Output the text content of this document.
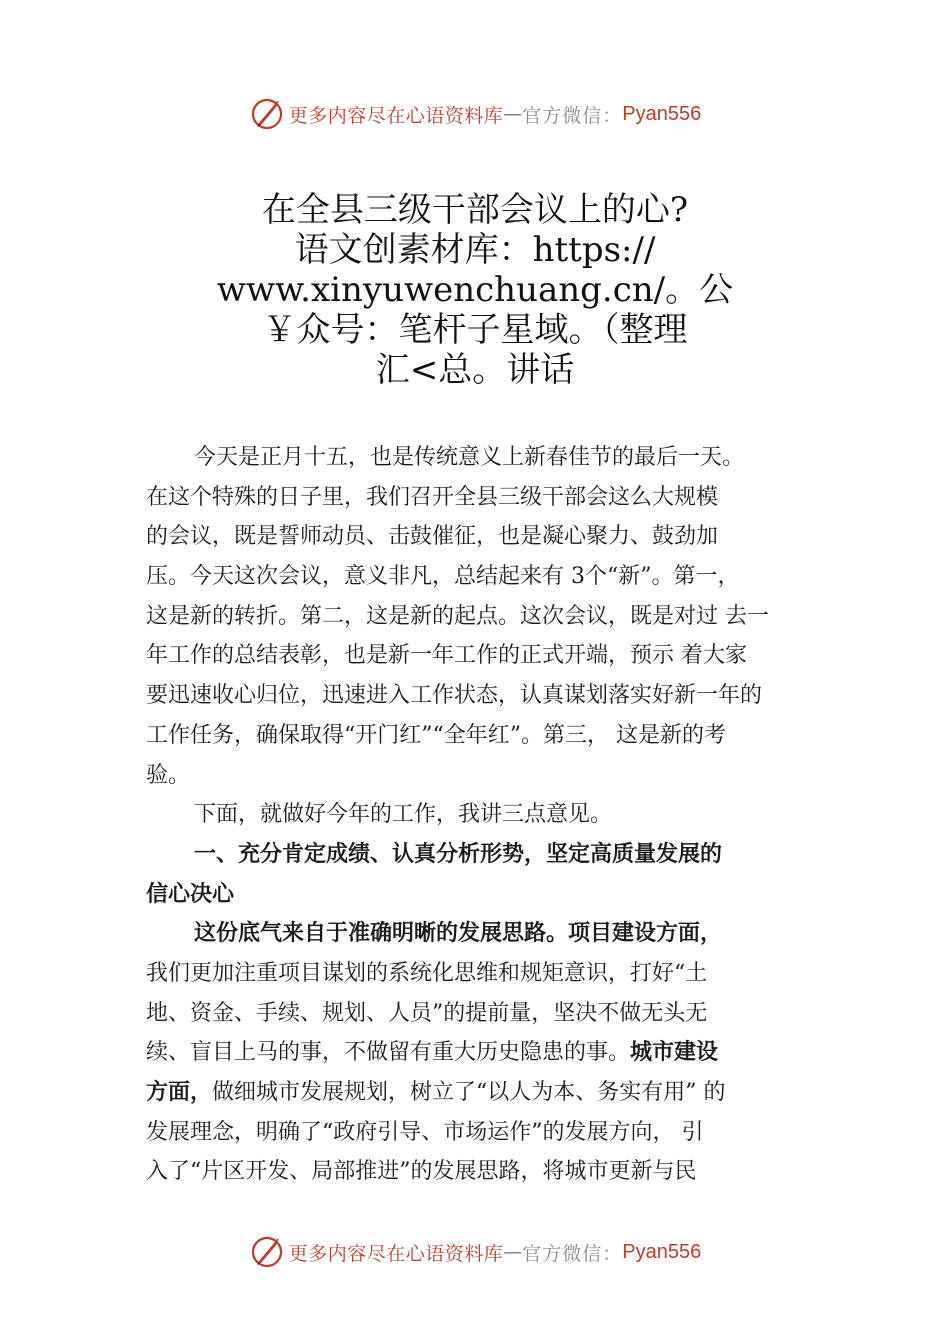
更多内容尽在心语资料库 — 官方微信： Pyan556
在全县三级干部会议上的心?
语文创素材库：https://
www.xinyuwenchuang.cn/。公
￥众号：笔杆子星域。（整理
汇<总。讲话
今天是正月十五，也是传统意义上新春佳节的最后一天。
在这个特殊的日子里，我们召开全县三级干部会这么大规模
的会议，既是誓师动员、击鼓催征，也是凝心聚力、鼓劲加
压。今天这次会议，意义非凡，总结起来有 3个“新”。第一，
这是新的转折。第二，这是新的起点。这次会议，既是对过 去一
年工作的总结表彰，也是新一年工作的正式开端，预示 着大家
要迅速收心归位，迅速进入工作状态，认真谋划落实好新一年的
工作任务，确保取得“开门红”“全年红”。第三， 这是新的考
验。
下面，就做好今年的工作，我讲三点意见。
一、充分肯定成绩、认真分析形势，坚定高质量发展的
信心决心
这份底气来自于准确明晰的发展思路。项目建设方面，
我们更加注重项目谋划的系统化思维和规矩意识，打好“土
地、资金、手续、规划、人员”的提前量，坚决不做无头无
续、盲目上马的事，不做留有重大历史隐患的事。城市建设
方面，做细城市发展规划，树立了“以人为本、务实有用” 的
发展理念，明确了“政府引导、市场运作”的发展方向， 引
入了“片区开发、局部推进”的发展思路，将城市更新与民
更多内容尽在心语资料库 — 官方微信： Pyan556
